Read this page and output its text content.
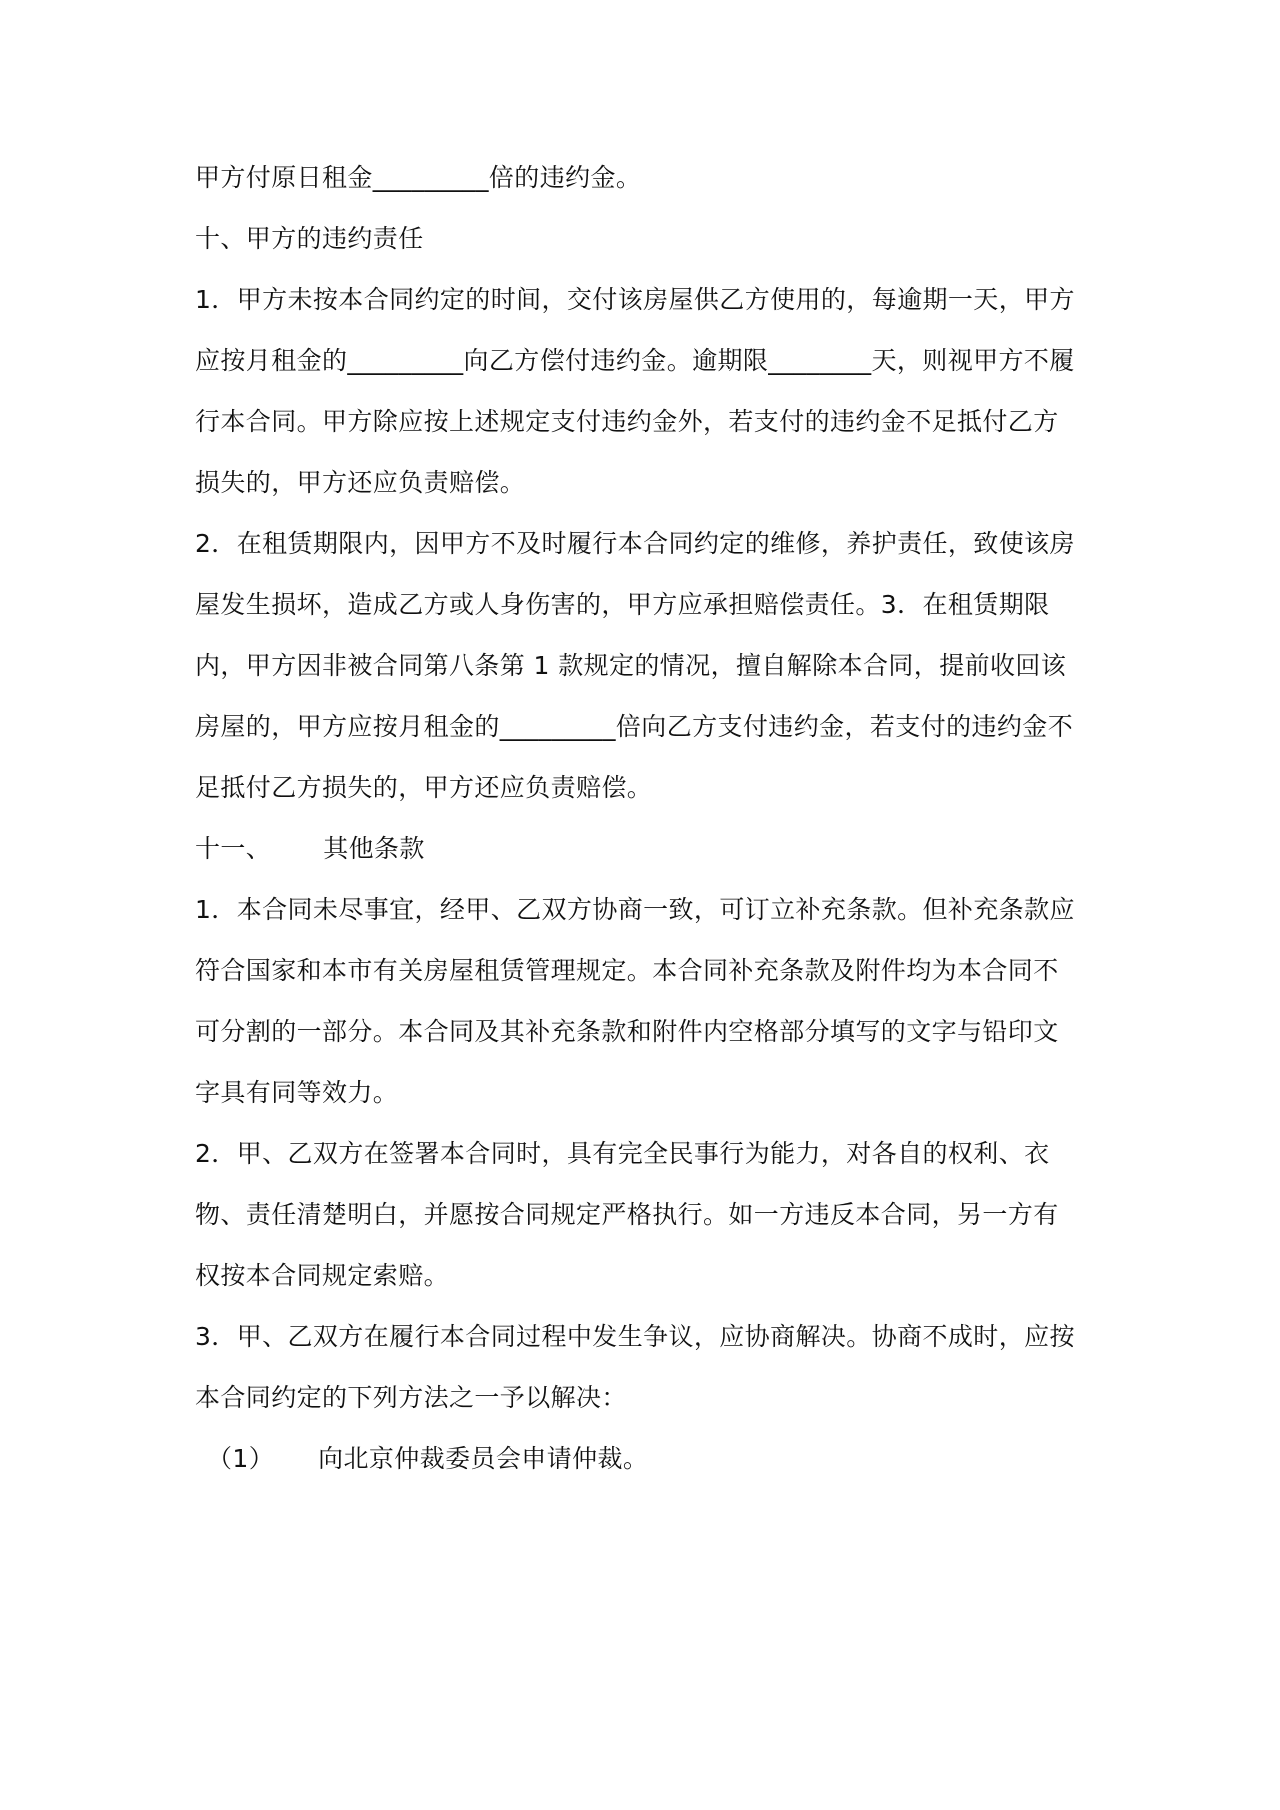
甲方付原日租金_________倍的违约金。
十、甲方的违约责任
1．甲方未按本合同约定的时间，交付该房屋供乙方使用的，每逾期一天，甲方
应按月租金的_________向乙方偿付违约金。逾期限________天，则视甲方不履
行本合同。甲方除应按上述规定支付违约金外，若支付的违约金不足抵付乙方
损失的，甲方还应负责赔偿。
2．在租赁期限内，因甲方不及时履行本合同约定的维修，养护责任，致使该房
屋发生损坏，造成乙方或人身伤害的，甲方应承担赔偿责任。3．在租赁期限
内，甲方因非被合同第八条第 1 款规定的情况，擅自解除本合同，提前收回该
房屋的，甲方应按月租金的_________倍向乙方支付违约金，若支付的违约金不
足抵付乙方损失的，甲方还应负责赔偿。
十一、 其他条款
1．本合同未尽事宜，经甲、乙双方协商一致，可订立补充条款。但补充条款应
符合国家和本市有关房屋租赁管理规定。本合同补充条款及附件均为本合同不
可分割的一部分。本合同及其补充条款和附件内空格部分填写的文字与铅印文
字具有同等效力。
2．甲、乙双方在签署本合同时，具有完全民事行为能力，对各自的权利、衣
物、责任清楚明白，并愿按合同规定严格执行。如一方违反本合同，另一方有
权按本合同规定索赔。
3．甲、乙双方在履行本合同过程中发生争议，应协商解决。协商不成时，应按
本合同约定的下列方法之一予以解决：
（1） 向北京仲裁委员会申请仲裁。
